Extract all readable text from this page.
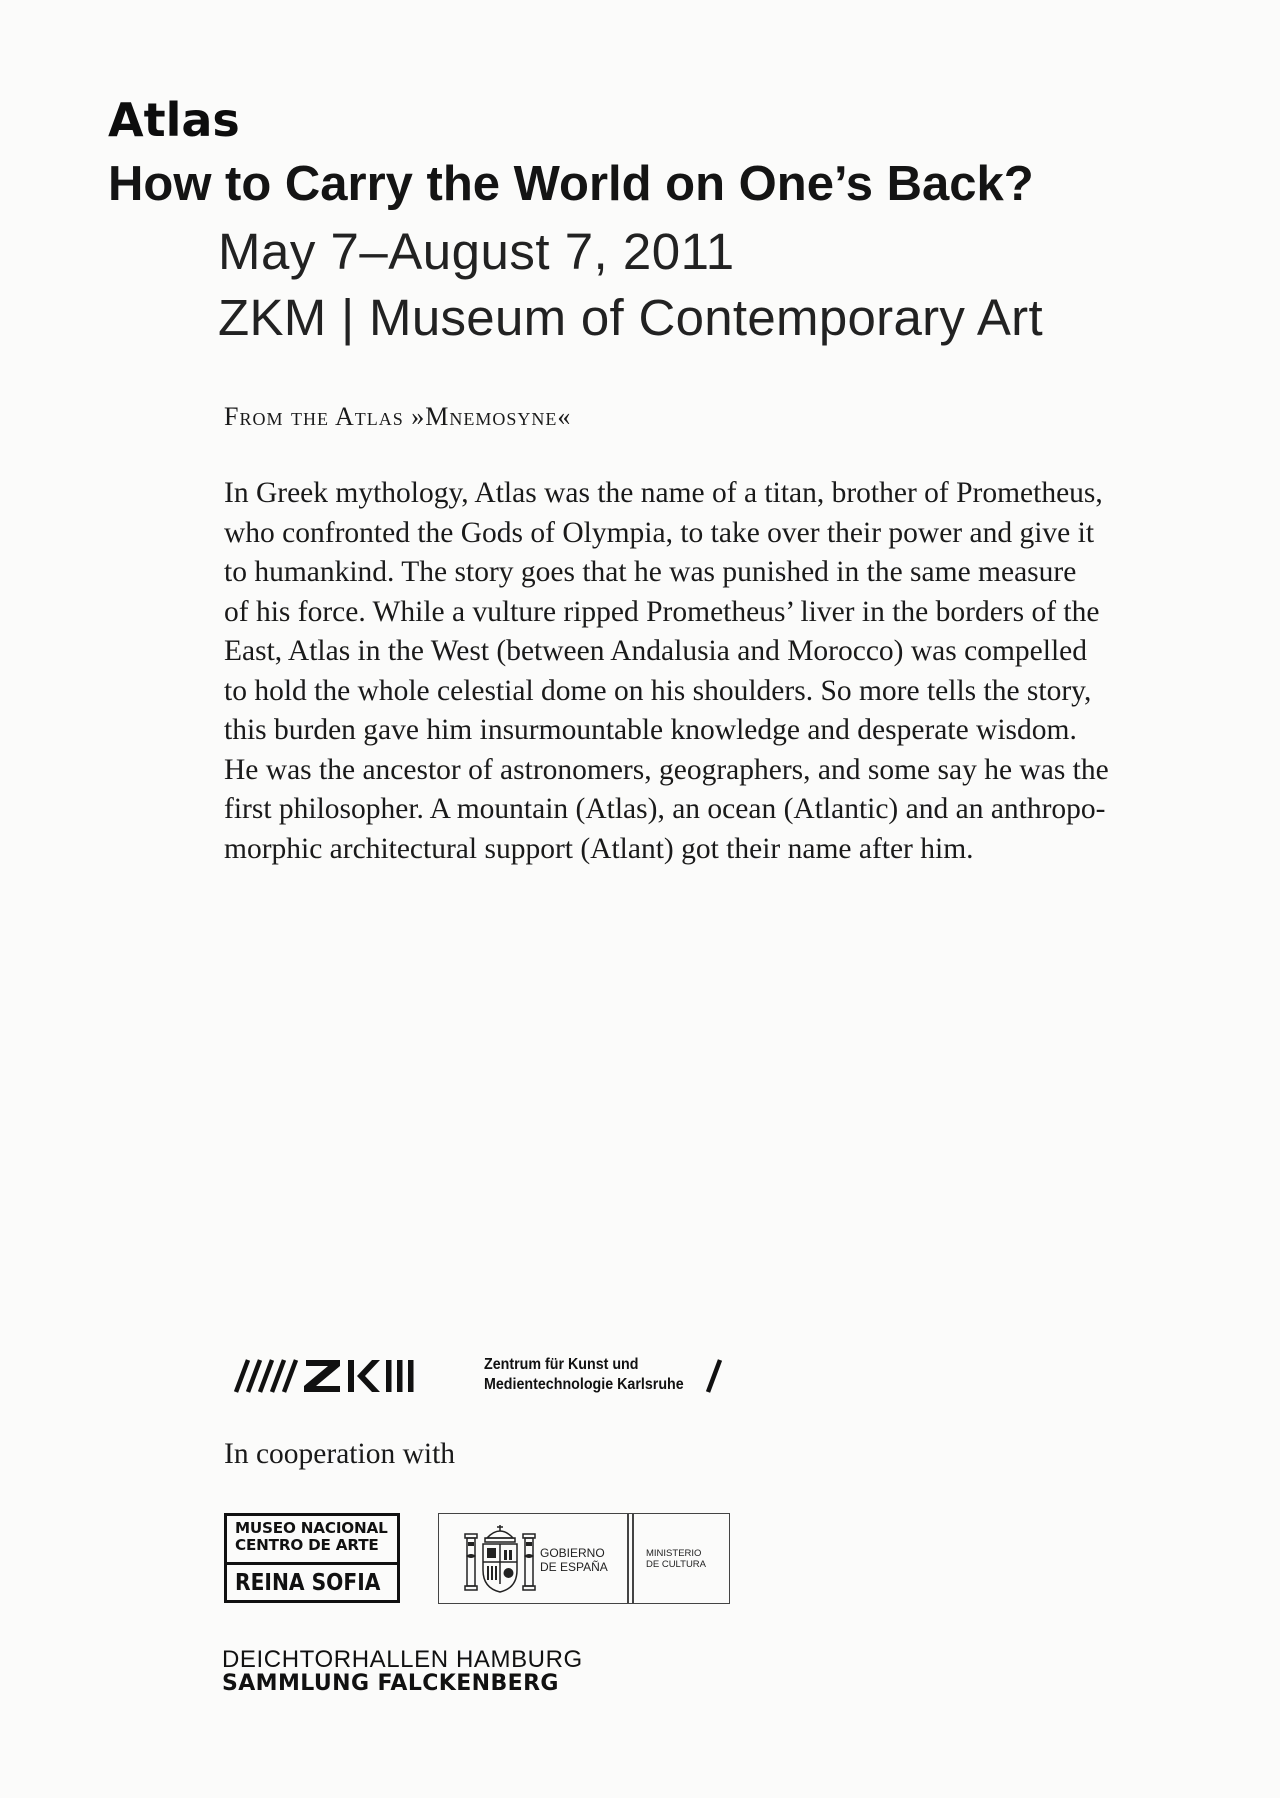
Atlas
How to Carry the World on One’s Back?
May 7–August 7, 2011
ZKM | Museum of Contemporary Art
From the Atlas »Mnemosyne«
In Greek mythology, Atlas was the name of a titan, brother of Prometheus,
who confronted the Gods of Olympia, to take over their power and give it
to humankind. The story goes that he was punished in the same measure
of his force. While a vulture ripped Prometheus’ liver in the borders of the
East, Atlas in the West (between Andalusia and Morocco) was compelled
to hold the whole celestial dome on his shoulders. So more tells the story,
this burden gave him insurmountable knowledge and desperate wisdom.
He was the ancestor of astronomers, geographers, and some say he was the
first philosopher. A mountain (Atlas), an ocean (Atlantic) and an anthropo-
morphic architectural support (Atlant) got their name after him.
Zentrum für Kunst und
Medientechnologie Karlsruhe
In cooperation with
MUSEO NACIONAL
CENTRO DE ARTE
REINA SOFIA
GOBIERNO
DE ESPAÑA
MINISTERIO
DE CULTURA
DEICHTORHALLEN HAMBURG
SAMMLUNG FALCKENBERG
